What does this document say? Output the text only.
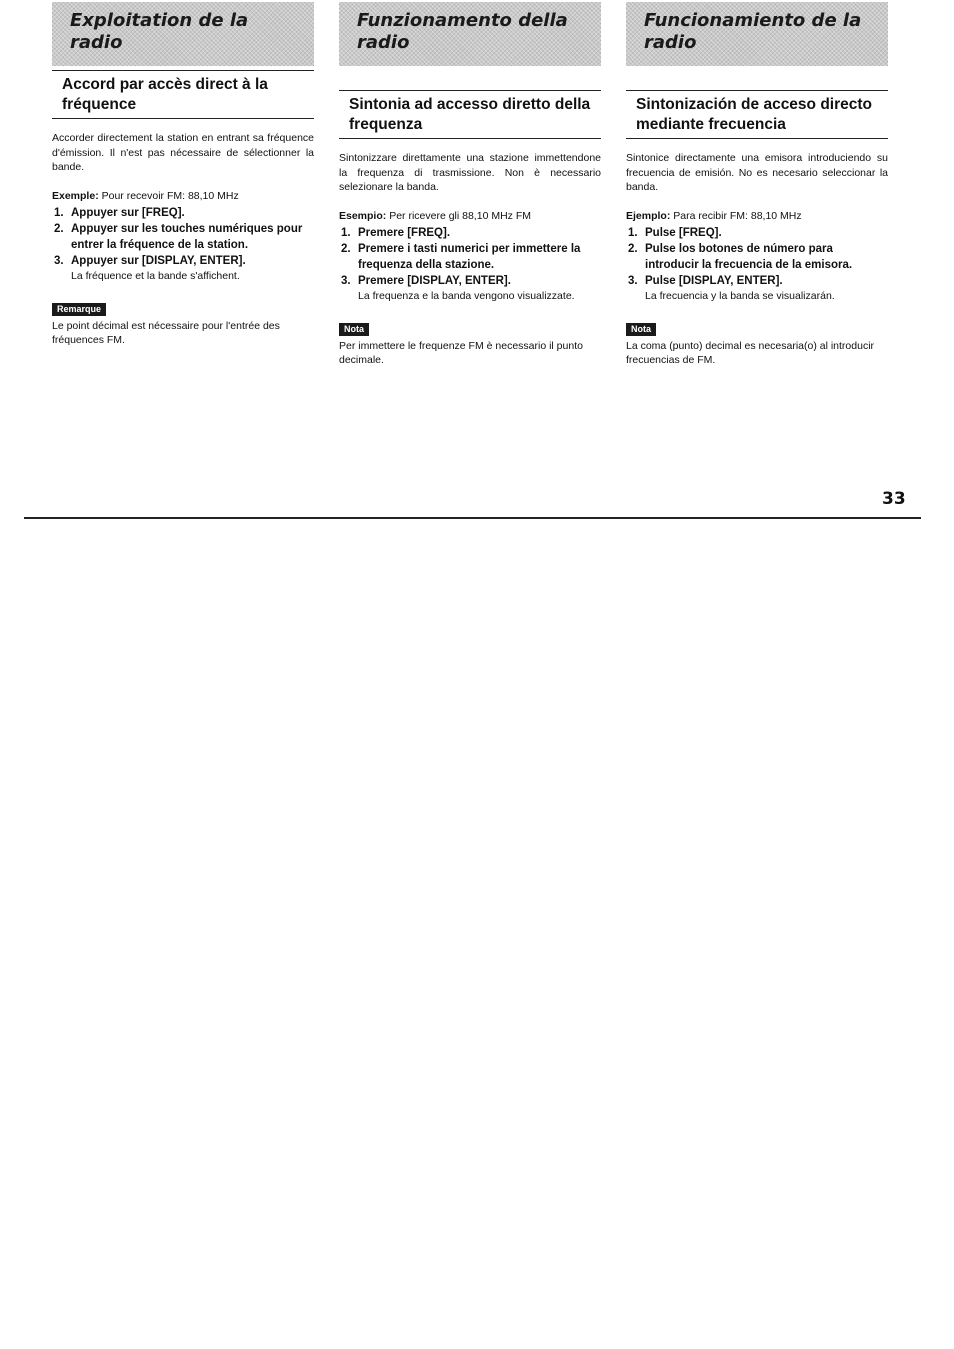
Exploitation de la radio
Accord par accès direct à la fréquence

Accorder directement la station en entrant sa fréquence d'émission. Il n'est pas nécessaire de sélectionner la bande.

Exemple: Pour recevoir FM: 88,10 MHz

1. Appuyer sur [FREQ].
2. Appuyer sur les touches numériques pour entrer la fréquence de la station.
3. Appuyer sur [DISPLAY, ENTER].

La fréquence et la bande s'affichent.

Remarque

Le point décimal est nécessaire pour l'entrée des fréquences FM.

Funzionamento della radio
Sintonia ad accesso diretto della frequenza

Sintonizzare direttamente una stazione immettendone la frequenza di trasmissione. Non è necessario selezionare la banda.

Esempio: Per ricevere gli 88,10 MHz FM

1. Premere [FREQ].
2. Premere i tasti numerici per immettere la frequenza della stazione.
3. Premere [DISPLAY, ENTER].

La frequenza e la banda vengono visualizzate.

Nota

Per immettere le frequenze FM è necessario il punto decimale.

Funcionamiento de la radio
Sintonización de acceso directo mediante frecuencia

Sintonice directamente una emisora introduciendo su frecuencia de emisión. No es necesario seleccionar la banda.

Ejemplo: Para recibir FM: 88,10 MHz

1. Pulse [FREQ].
2. Pulse los botones de número para introducir la frecuencia de la emisora.
3. Pulse [DISPLAY, ENTER].

La frecuencia y la banda se visualizarán.

Nota

La coma (punto) decimal es necesaria(o) al introducir frecuencias de FM.

33
